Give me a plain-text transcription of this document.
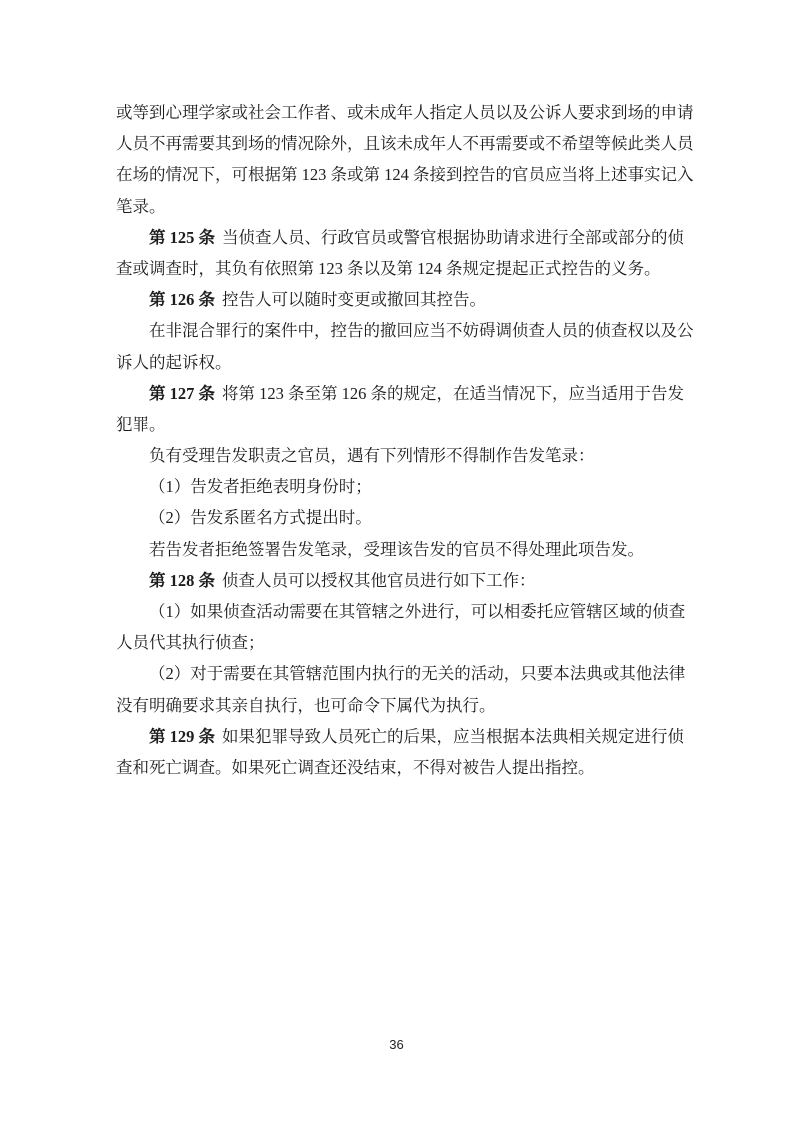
或等到心理学家或社会工作者、或未成年人指定人员以及公诉人要求到场的申请
人员不再需要其到场的情况除外，且该未成年人不再需要或不希望等候此类人员
在场的情况下，可根据第 123 条或第 124 条接到控告的官员应当将上述事实记入
笔录。
第 125 条 当侦查人员、行政官员或警官根据协助请求进行全部或部分的侦
查或调查时，其负有依照第 123 条以及第 124 条规定提起正式控告的义务。
第 126 条 控告人可以随时变更或撤回其控告。
在非混合罪行的案件中，控告的撤回应当不妨碍调侦查人员的侦查权以及公
诉人的起诉权。
第 127 条 将第 123 条至第 126 条的规定，在适当情况下，应当适用于告发
犯罪。
负有受理告发职责之官员，遇有下列情形不得制作告发笔录：
（1）告发者拒绝表明身份时；
（2）告发系匿名方式提出时。
若告发者拒绝签署告发笔录，受理该告发的官员不得处理此项告发。
第 128 条 侦查人员可以授权其他官员进行如下工作：
（1）如果侦查活动需要在其管辖之外进行，可以相委托应管辖区域的侦查
人员代其执行侦查；
（2）对于需要在其管辖范围内执行的无关的活动，只要本法典或其他法律
没有明确要求其亲自执行，也可命令下属代为执行。
第 129 条 如果犯罪导致人员死亡的后果，应当根据本法典相关规定进行侦
查和死亡调查。如果死亡调查还没结束，不得对被告人提出指控。
36
